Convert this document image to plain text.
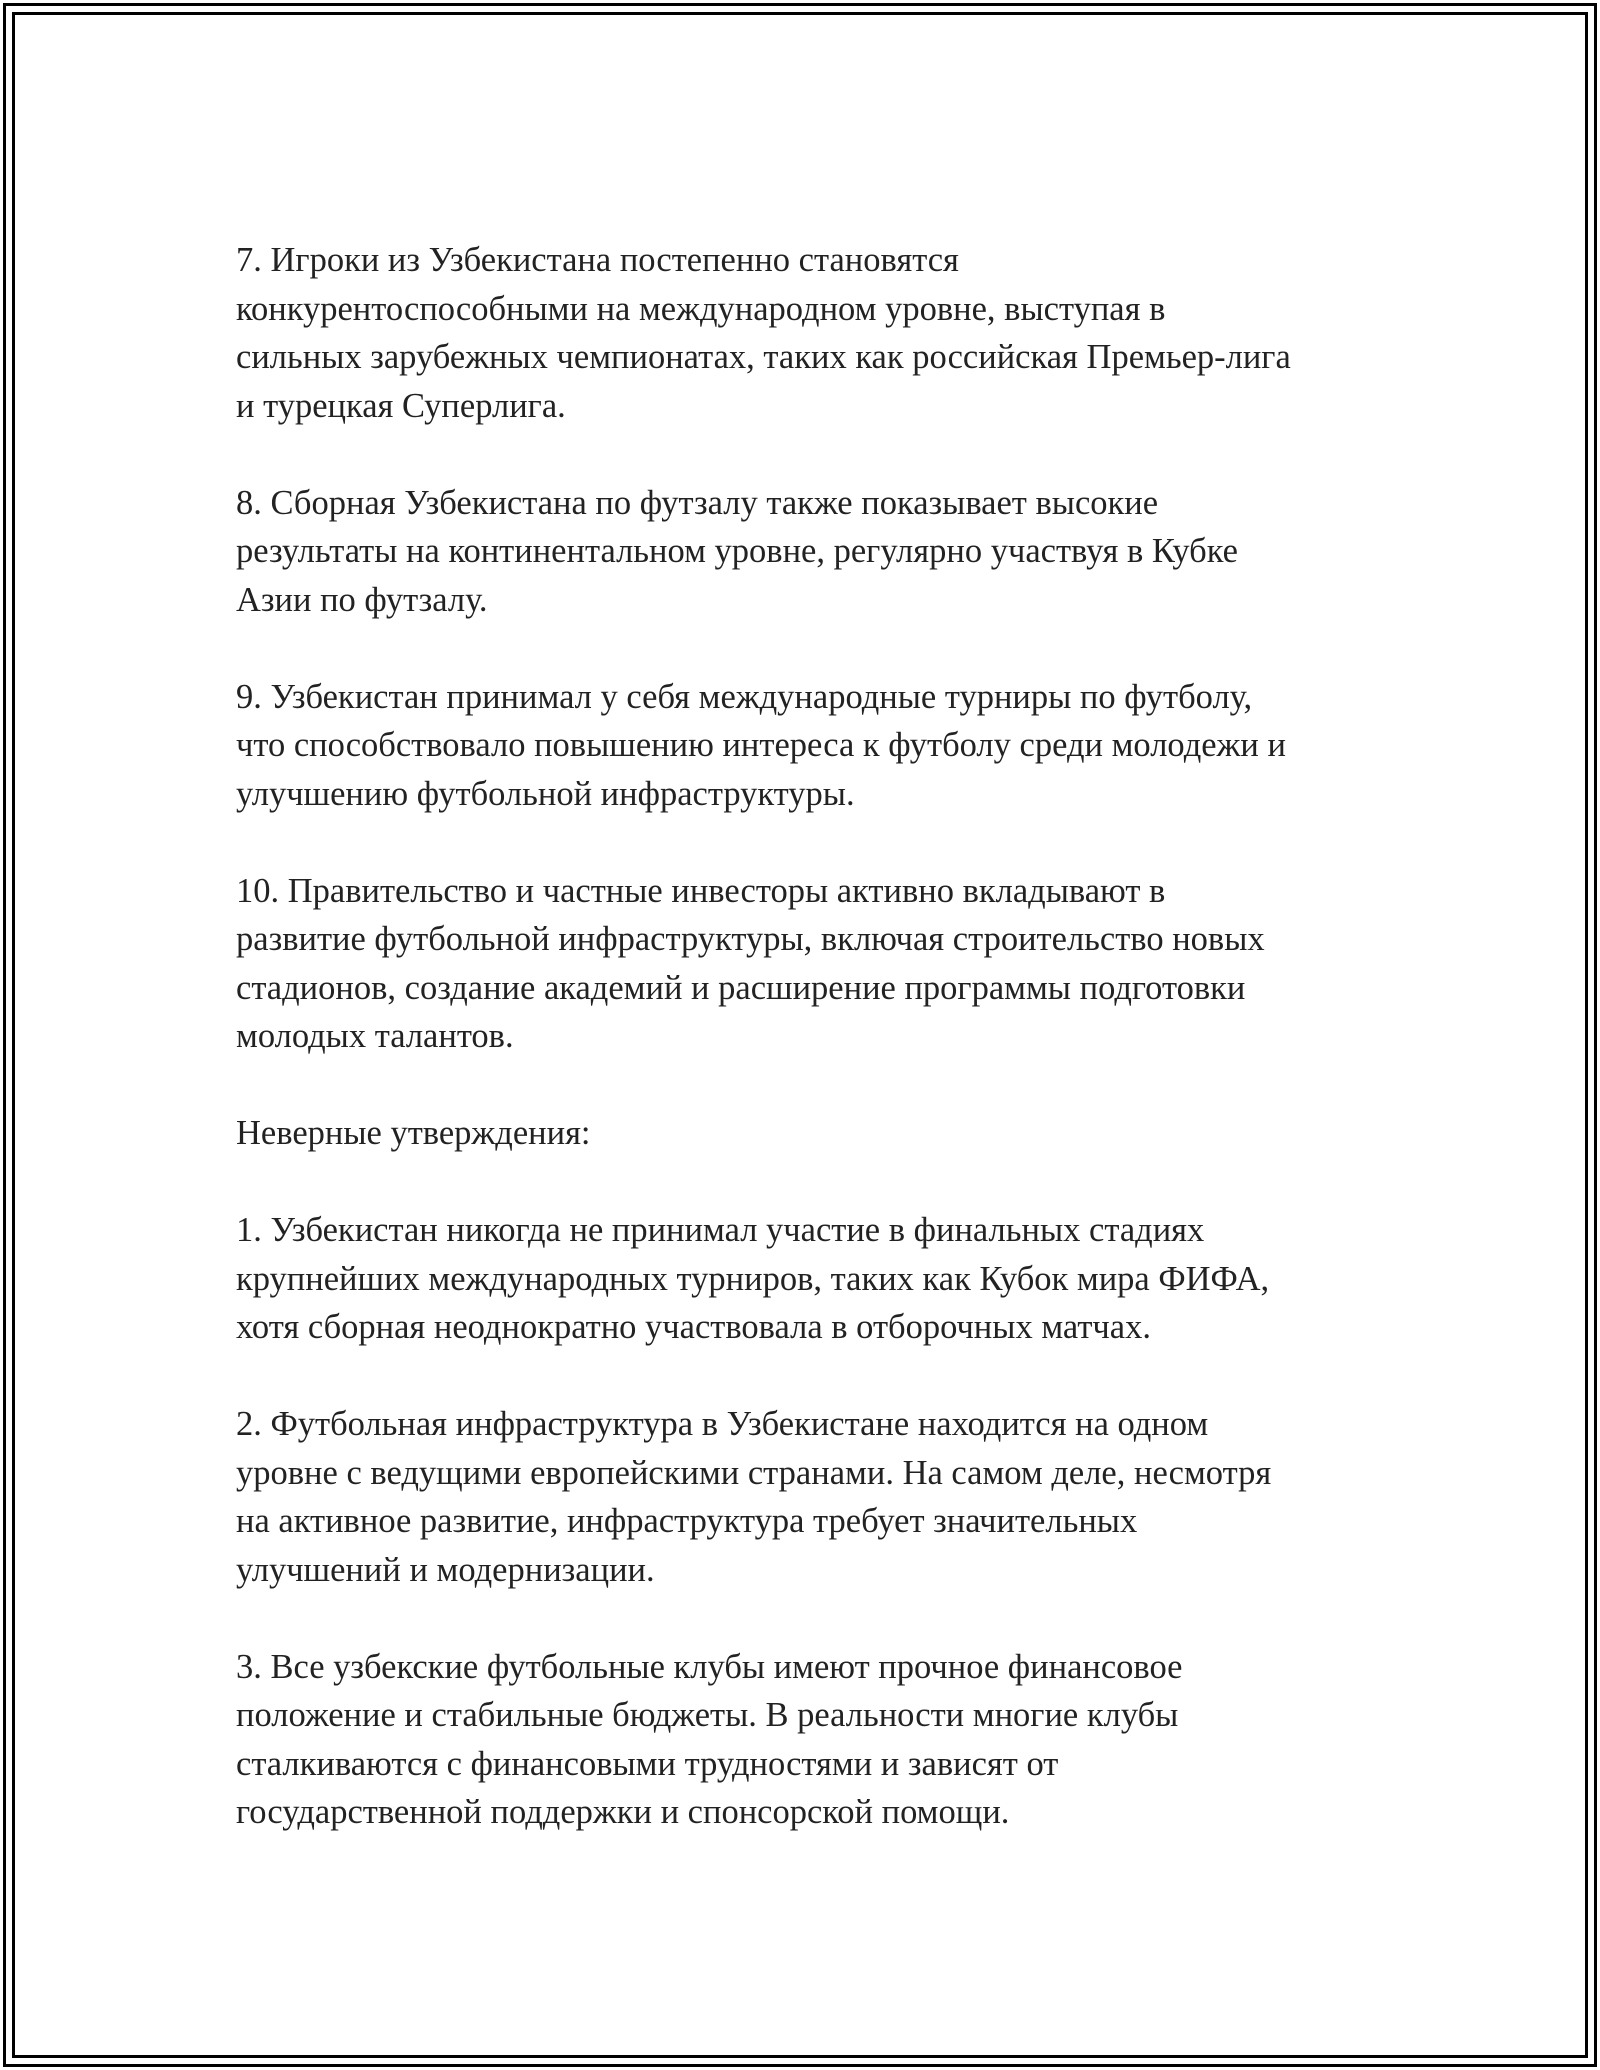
7. Игроки из Узбекистана постепенно становятся
конкурентоспособными на международном уровне, выступая в
сильных зарубежных чемпионатах, таких как российская Премьер-лига
и турецкая Суперлига.
8. Сборная Узбекистана по футзалу также показывает высокие
результаты на континентальном уровне, регулярно участвуя в Кубке
Азии по футзалу.
9. Узбекистан принимал у себя международные турниры по футболу,
что способствовало повышению интереса к футболу среди молодежи и
улучшению футбольной инфраструктуры.
10. Правительство и частные инвесторы активно вкладывают в
развитие футбольной инфраструктуры, включая строительство новых
стадионов, создание академий и расширение программы подготовки
молодых талантов.
Неверные утверждения:
1. Узбекистан никогда не принимал участие в финальных стадиях
крупнейших международных турниров, таких как Кубок мира ФИФА,
хотя сборная неоднократно участвовала в отборочных матчах.
2. Футбольная инфраструктура в Узбекистане находится на одном
уровне с ведущими европейскими странами. На самом деле, несмотря
на активное развитие, инфраструктура требует значительных
улучшений и модернизации.
3. Все узбекские футбольные клубы имеют прочное финансовое
положение и стабильные бюджеты. В реальности многие клубы
сталкиваются с финансовыми трудностями и зависят от
государственной поддержки и спонсорской помощи.
